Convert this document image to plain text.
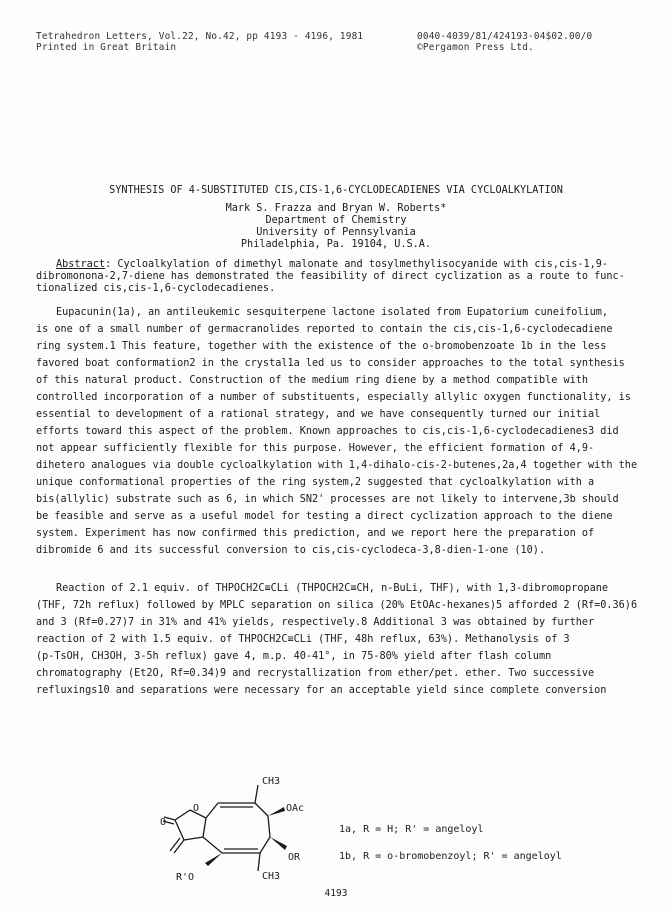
Tetrahedron Letters, Vol.22, No.42, pp 4193 - 4196, 1981
Printed in Great Britain
0040-4039/81/424193-04$02.00/0
©Pergamon Press Ltd.
SYNTHESIS OF 4-SUBSTITUTED CIS,CIS-1,6-CYCLODECADIENES VIA CYCLOALKYLATION
Mark S. Frazza and Bryan W. Roberts*
Department of Chemistry
University of Pennsylvania
Philadelphia, Pa. 19104, U.S.A.
Abstract: Cycloalkylation of dimethyl malonate and tosylmethylisocyanide with cis,cis-1,9-
dibromonona-2,7-diene has demonstrated the feasibility of direct cyclization as a route to func-
tionalized cis,cis-1,6-cyclodecadienes.
Eupacunin(1a), an antileukemic sesquiterpene lactone isolated from Eupatorium cuneifolium,
is one of a small number of germacranolides reported to contain the cis,cis-1,6-cyclodecadiene
ring system.1 This feature, together with the existence of the o-bromobenzoate 1b in the less
favored boat conformation2 in the crystal1a led us to consider approaches to the total synthesis
of this natural product. Construction of the medium ring diene by a method compatible with
controlled incorporation of a number of substituents, especially allylic oxygen functionality, is
essential to development of a rational strategy, and we have consequently turned our initial
efforts toward this aspect of the problem. Known approaches to cis,cis-1,6-cyclodecadienes3 did
not appear sufficiently flexible for this purpose. However, the efficient formation of 4,9-
dihetero analogues via double cycloalkylation with 1,4-dihalo-cis-2-butenes,2a,4 together with the
unique conformational properties of the ring system,2 suggested that cycloalkylation with a
bis(allylic) substrate such as 6, in which SN2' processes are not likely to intervene,3b should
be feasible and serve as a useful model for testing a direct cyclization approach to the diene
system. Experiment has now confirmed this prediction, and we report here the preparation of
dibromide 6 and its successful conversion to cis,cis-cyclodeca-3,8-dien-1-one (10).
Reaction of 2.1 equiv. of THPOCH2C≡CLi (THPOCH2C≡CH, n-BuLi, THF), with 1,3-dibromopropane
(THF, 72h reflux) followed by MPLC separation on silica (20% EtOAc-hexanes)5 afforded 2 (Rf=0.36)6
and 3 (Rf=0.27)7 in 31% and 41% yields, respectively.8 Additional 3 was obtained by further
reaction of 2 with 1.5 equiv. of THPOCH2C≡CLi (THF, 48h reflux, 63%). Methanolysis of 3
(p-TsOH, CH3OH, 3-5h reflux) gave 4, m.p. 40-41°, in 75-80% yield after flash column
chromatography (Et2O, Rf=0.34)9 and recrystallization from ether/pet. ether. Two successive
refluxings10 and separations were necessary for an acceptable yield since complete conversion
CH3
OAc
O
O
R'O
OR
CH3
1a, R = H; R' = angeloyl
1b, R = o-bromobenzoyl; R' = angeloyl
4193
